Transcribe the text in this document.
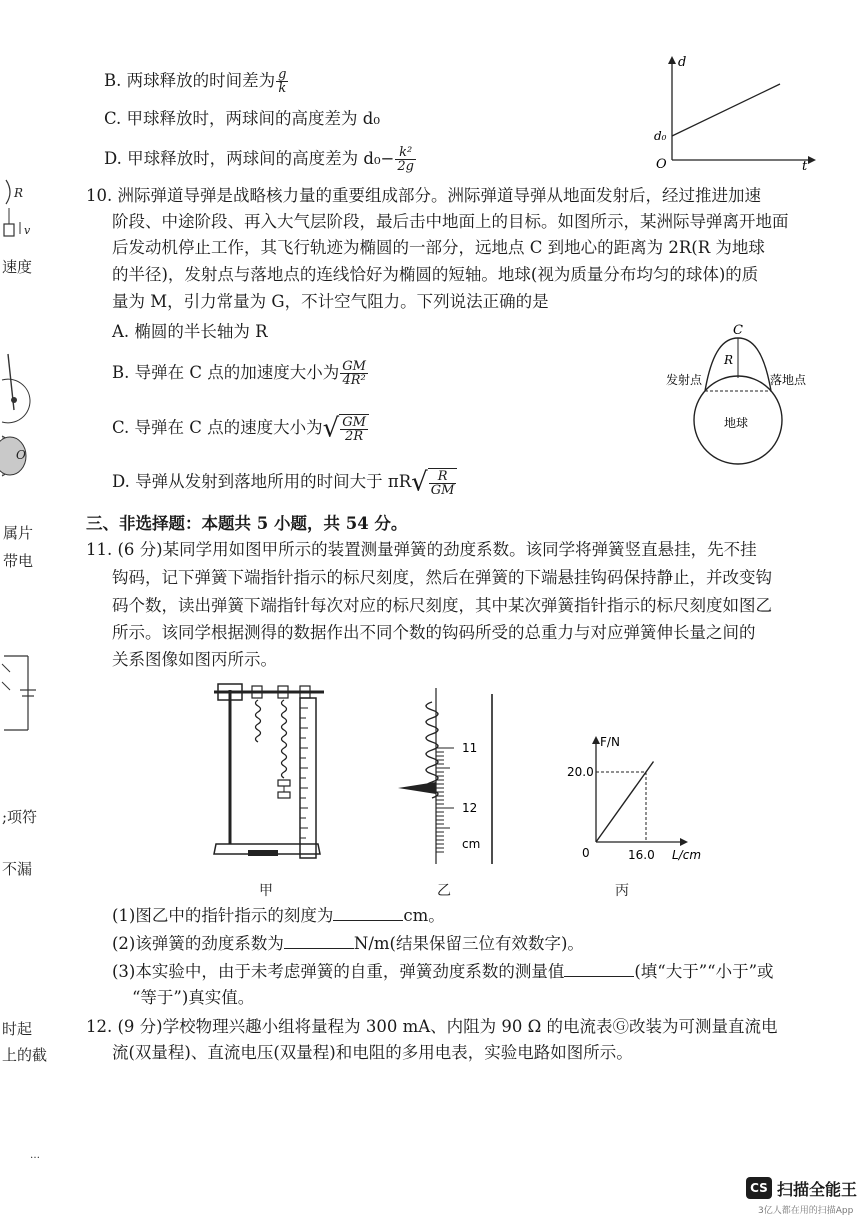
R
v
速度
O
属片
带电
;项符
不漏
时起
上的截
…
B. 两球释放的时间差为 $\frac{g}{k}$
C. 甲球释放时，两球间的高度差为 d₀
D. 甲球释放时，两球间的高度差为 $d_0- \frac{\text{k²}}{2g}$
d
t
O
d₀
10. 洲际弹道导弹是战略核力量的重要组成部分。洲际弹道导弹从地面发射后，经过推进加速
阶段、中途阶段、再入大气层阶段，最后击中地面上的目标。如图所示，某洲际导弹离开地面
后发动机停止工作，其飞行轨迹为椭圆的一部分，远地点 C 到地心的距离为 2R(R 为地球
的半径)，发射点与落地点的连线恰好为椭圆的短轴。地球(视为质量分布均匀的球体)的质
量为 M，引力常量为 G，不计空气阻力。下列说法正确的是
A. 椭圆的半长轴为 R
B. 导弹在 C 点的加速度大小为 $\frac{GM}{\text{4R²}}$
C. 导弹在 C 点的速度大小为√ $\frac{GM}{2R}$
D. 导弹从发射到落地所用的时间大于 $\pi R√ \frac{R}{GM}$
C
R
发射点	落地点
地球
三、非选择题：本题共 5 小题，共 54 分。
11. (6 分)某同学用如图甲所示的装置测量弹簧的劲度系数。该同学将弹簧竖直悬挂，先不挂
钩码，记下弹簧下端指针指示的标尺刻度，然后在弹簧的下端悬挂钩码保持静止，并改变钩
码个数，读出弹簧下端指针每次对应的标尺刻度，其中某次弹簧指针指示的标尺刻度如图乙
所示。该同学根据测得的数据作出不同个数的钩码所受的总重力与对应弹簧伸长量之间的
关系图像如图丙所示。
甲
11
12
cm
乙
F/N
L/cm
0
20.0
16.0
丙
(1)图乙中的指针指示的刻度为	cm。
(2)该弹簧的劲度系数为	N/m(结果保留三位有效数字)。
(3)本实验中，由于未考虑弹簧的自重，弹簧劲度系数的测量值	(填“大于”“小于”或
“等于”)真实值。
12. (9 分)学校物理兴趣小组将量程为 300 mA、内阻为 90 Ω 的电流表Ⓖ改装为可测量直流电
流(双量程)、直流电压(双量程)和电阻的多用电表，实验电路如图所示。
CS 扫描全能王
3亿人都在用的扫描App
